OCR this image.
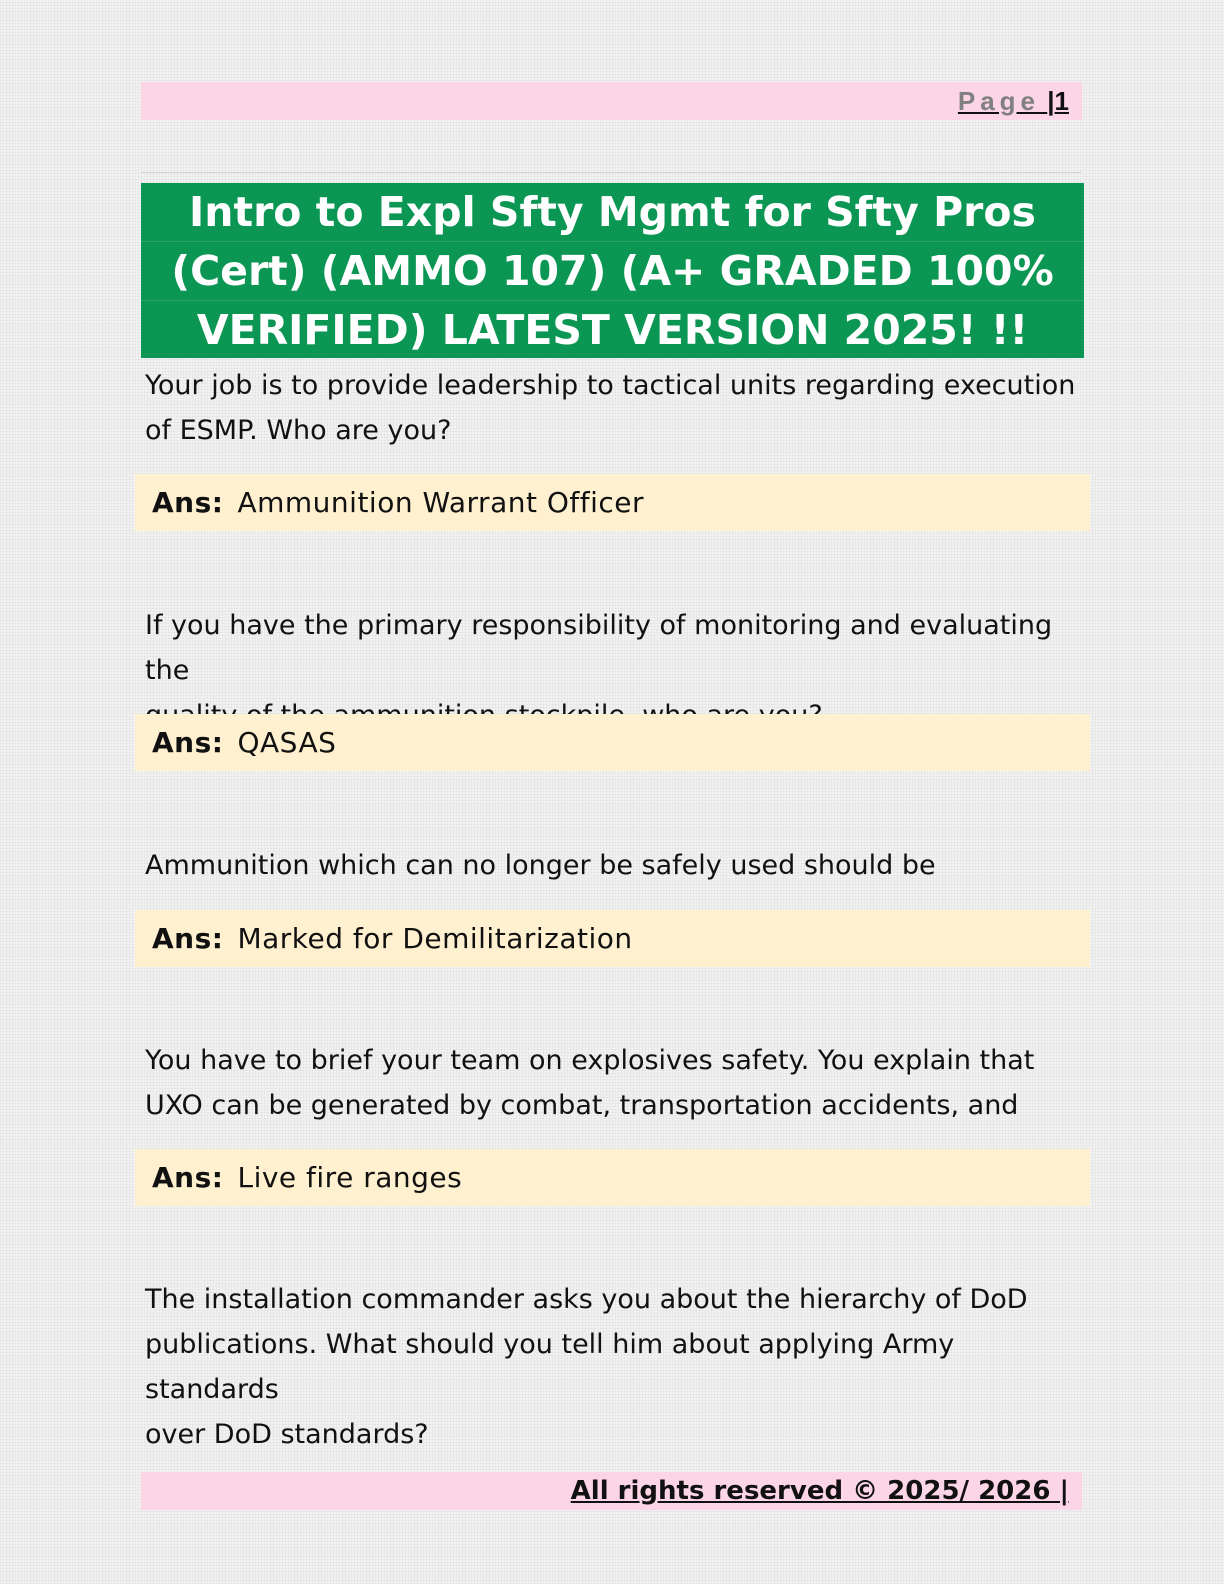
Page |1
Intro to Expl Sfty Mgmt for Sfty Pros
(Cert) (AMMO 107) (A+ GRADED 100%
VERIFIED) LATEST VERSION 2025! !!
Your job is to provide leadership to tactical units regarding execution
of ESMP. Who are you?
Ans: Ammunition Warrant Officer
If you have the primary responsibility of monitoring and evaluating the
Ans: QASAS
Ammunition which can no longer be safely used should be
Ans: Marked for Demilitarization
You have to brief your team on explosives safety. You explain that
UXO can be generated by combat, transportation accidents, and
Ans: Live fire ranges
The installation commander asks you about the hierarchy of DoD
publications. What should you tell him about applying Army standards
over DoD standards?
All rights reserved © 2025/ 2026 |
